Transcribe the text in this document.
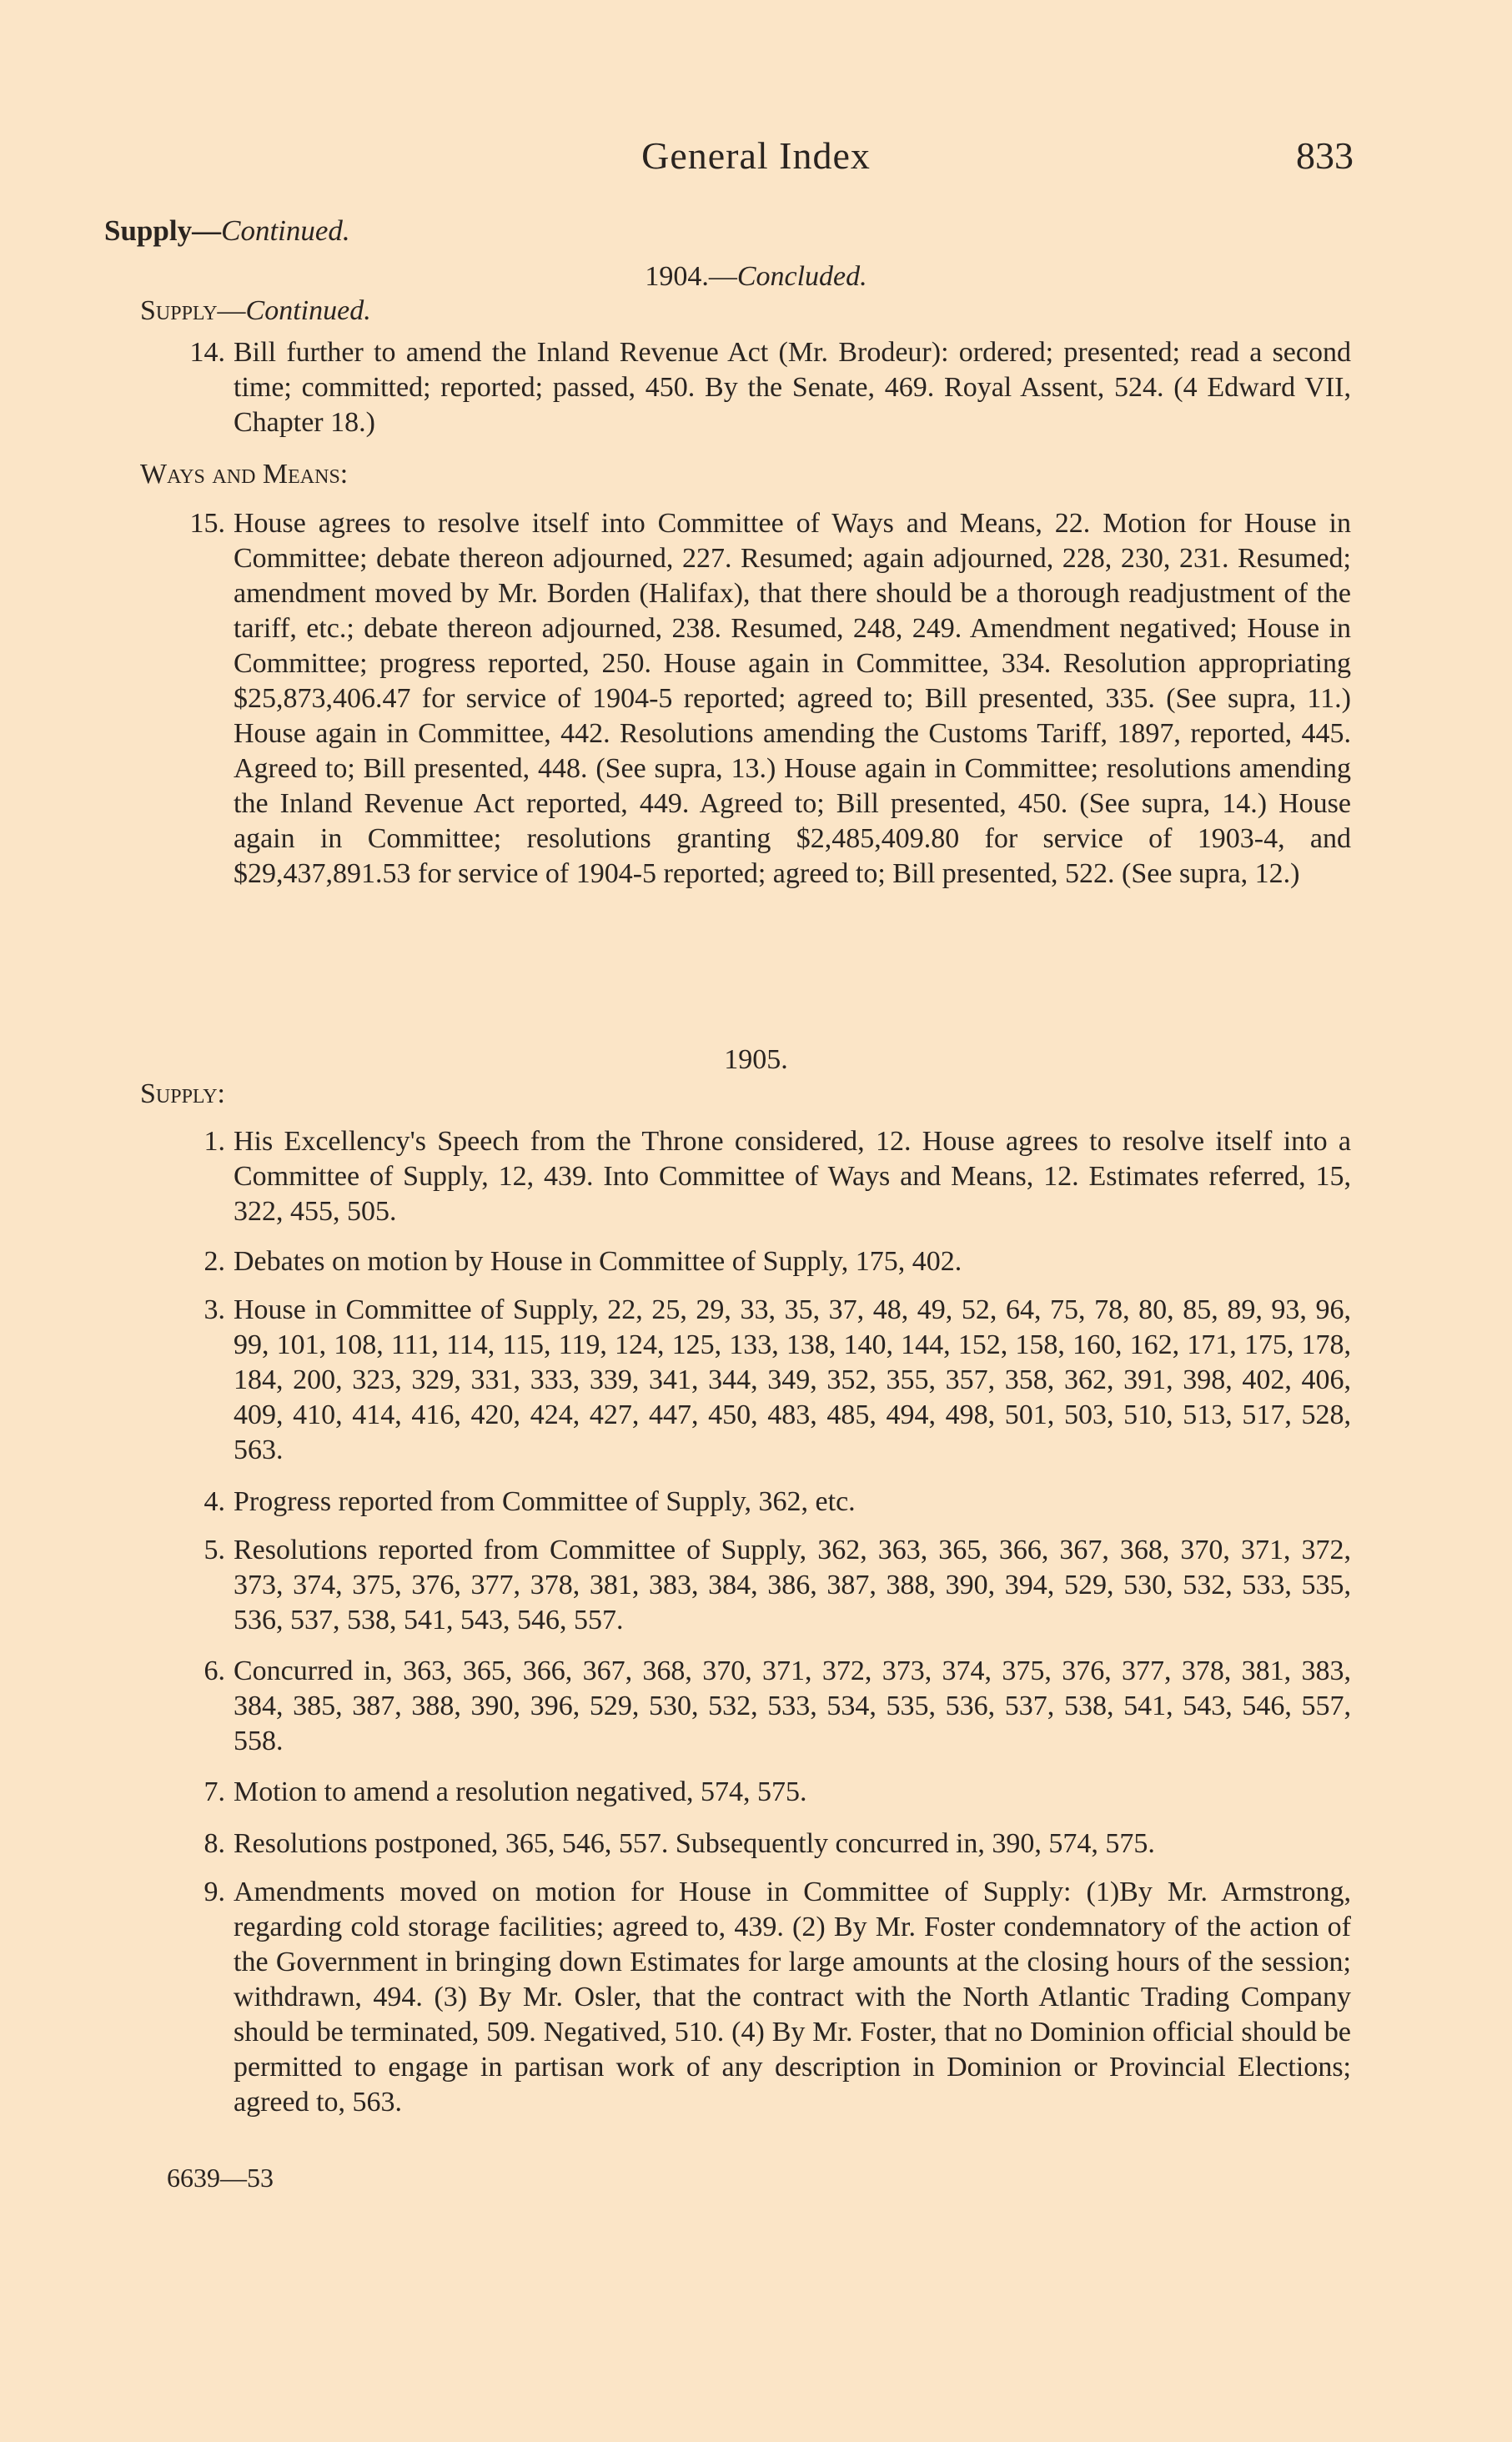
General Index	833
Supply—Continued.
1904.—Concluded.
Supply—Continued.
14. Bill further to amend the Inland Revenue Act (Mr. Brodeur): ordered; presented; read a second time; committed; reported; passed, 450. By the Senate, 469. Royal Assent, 524. (4 Edward VII, Chapter 18.)
Ways and Means:
15. House agrees to resolve itself into Committee of Ways and Means, 22. Motion for House in Committee; debate thereon adjourned, 227. Resumed; again adjourned, 228, 230, 231. Resumed; amendment moved by Mr. Borden (Halifax), that there should be a thorough readjustment of the tariff, etc.; debate thereon adjourned, 238. Resumed, 248, 249. Amendment negatived; House in Committee; progress reported, 250. House again in Committee, 334. Resolution appropriating $25,873,406.47 for service of 1904-5 reported; agreed to; Bill presented, 335. (See supra, 11.) House again in Committee, 442. Resolutions amending the Customs Tariff, 1897, reported, 445. Agreed to; Bill presented, 448. (See supra, 13.) House again in Committee; resolutions amending the Inland Revenue Act reported, 449. Agreed to; Bill presented, 450. (See supra, 14.) House again in Committee; resolutions granting $2,485,409.80 for service of 1903-4, and $29,437,891.53 for service of 1904-5 reported; agreed to; Bill presented, 522. (See supra, 12.)
1905.
Supply:
1. His Excellency's Speech from the Throne considered, 12. House agrees to resolve itself into a Committee of Supply, 12, 439. Into Committee of Ways and Means, 12. Estimates referred, 15, 322, 455, 505.
2. Debates on motion by House in Committee of Supply, 175, 402.
3. House in Committee of Supply, 22, 25, 29, 33, 35, 37, 48, 49, 52, 64, 75, 78, 80, 85, 89, 93, 96, 99, 101, 108, 111, 114, 115, 119, 124, 125, 133, 138, 140, 144, 152, 158, 160, 162, 171, 175, 178, 184, 200, 323, 329, 331, 333, 339, 341, 344, 349, 352, 355, 357, 358, 362, 391, 398, 402, 406, 409, 410, 414, 416, 420, 424, 427, 447, 450, 483, 485, 494, 498, 501, 503, 510, 513, 517, 528, 563.
4. Progress reported from Committee of Supply, 362, etc.
5. Resolutions reported from Committee of Supply, 362, 363, 365, 366, 367, 368, 370, 371, 372, 373, 374, 375, 376, 377, 378, 381, 383, 384, 386, 387, 388, 390, 394, 529, 530, 532, 533, 535, 536, 537, 538, 541, 543, 546, 557.
6. Concurred in, 363, 365, 366, 367, 368, 370, 371, 372, 373, 374, 375, 376, 377, 378, 381, 383, 384, 385, 387, 388, 390, 396, 529, 530, 532, 533, 534, 535, 536, 537, 538, 541, 543, 546, 557, 558.
7. Motion to amend a resolution negatived, 574, 575.
8. Resolutions postponed, 365, 546, 557. Subsequently concurred in, 390, 574, 575.
9. Amendments moved on motion for House in Committee of Supply: (1)By Mr. Armstrong, regarding cold storage facilities; agreed to, 439. (2) By Mr. Foster condemnatory of the action of the Government in bringing down Estimates for large amounts at the closing hours of the session; withdrawn, 494. (3) By Mr. Osler, that the contract with the North Atlantic Trading Company should be terminated, 509. Negatived, 510. (4) By Mr. Foster, that no Dominion official should be permitted to engage in partisan work of any description in Dominion or Provincial Elections; agreed to, 563.
6639—53
